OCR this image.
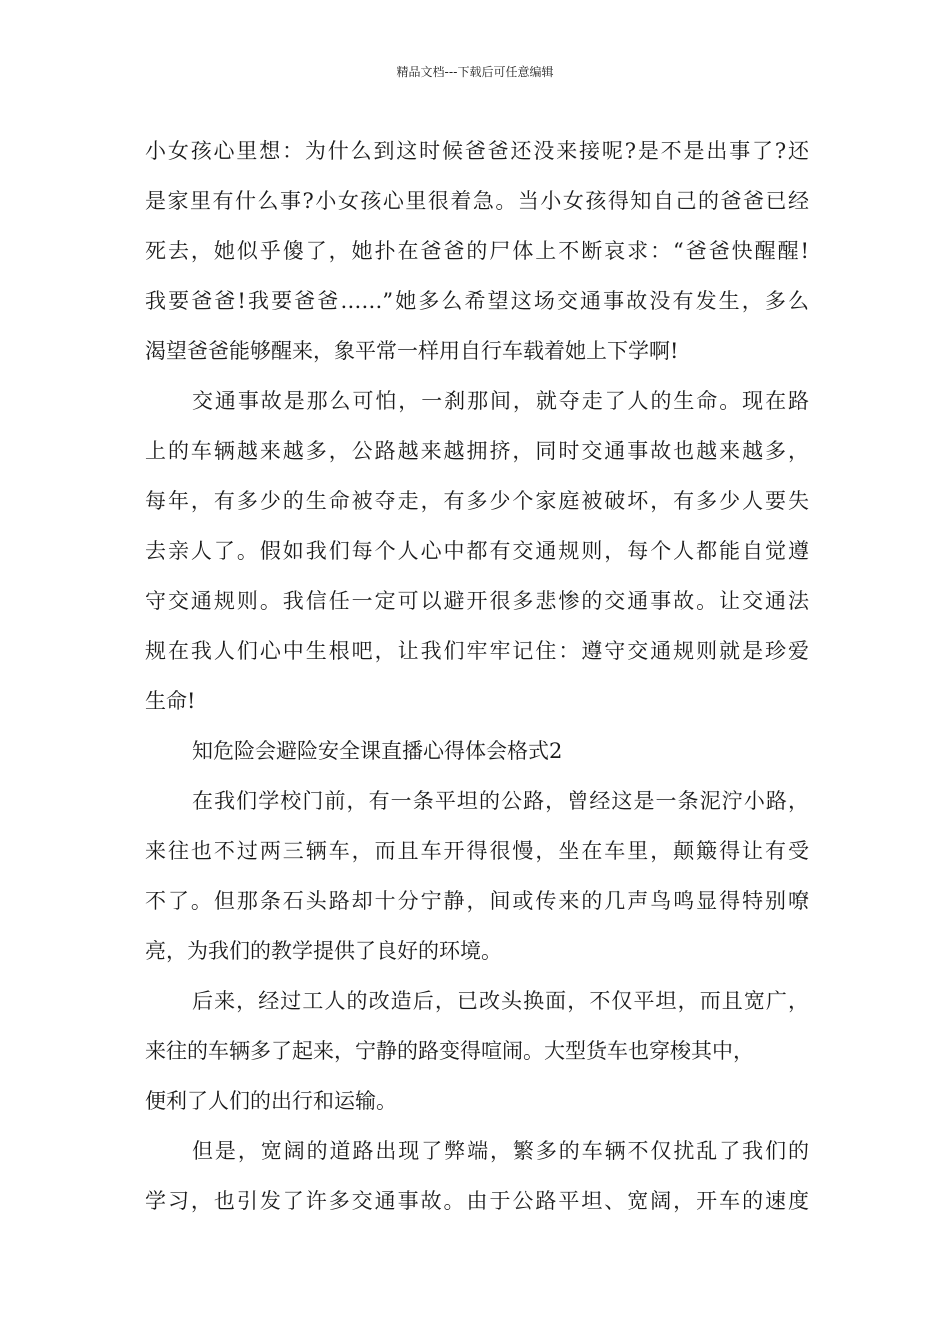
精品文档---下载后可任意编辑
小女孩心里想：为什么到这时候爸爸还没来接呢?是不是出事了?还
是家里有什么事?小女孩心里很着急。当小女孩得知自己的爸爸已经
死去，她似乎傻了，她扑在爸爸的尸体上不断哀求：“爸爸快醒醒!
我要爸爸!我要爸爸……”她多么希望这场交通事故没有发生，多么
渴望爸爸能够醒来，象平常一样用自行车载着她上下学啊!
交通事故是那么可怕，一刹那间，就夺走了人的生命。现在路
上的车辆越来越多，公路越来越拥挤，同时交通事故也越来越多，
每年，有多少的生命被夺走，有多少个家庭被破坏，有多少人要失
去亲人了。假如我们每个人心中都有交通规则，每个人都能自觉遵
守交通规则。我信任一定可以避开很多悲惨的交通事故。让交通法
规在我人们心中生根吧，让我们牢牢记住：遵守交通规则就是珍爱
生命!
知危险会避险安全课直播心得体会格式2
在我们学校门前，有一条平坦的公路，曾经这是一条泥泞小路，
来往也不过两三辆车，而且车开得很慢，坐在车里，颠簸得让有受
不了。但那条石头路却十分宁静，间或传来的几声鸟鸣显得特别嘹
亮，为我们的教学提供了良好的环境。
后来，经过工人的改造后，已改头换面，不仅平坦，而且宽广，
来往的车辆多了起来，宁静的路变得喧闹。大型货车也穿梭其中，
便利了人们的出行和运输。
但是，宽阔的道路出现了弊端，繁多的车辆不仅扰乱了我们的
学习，也引发了许多交通事故。由于公路平坦、宽阔，开车的速度
